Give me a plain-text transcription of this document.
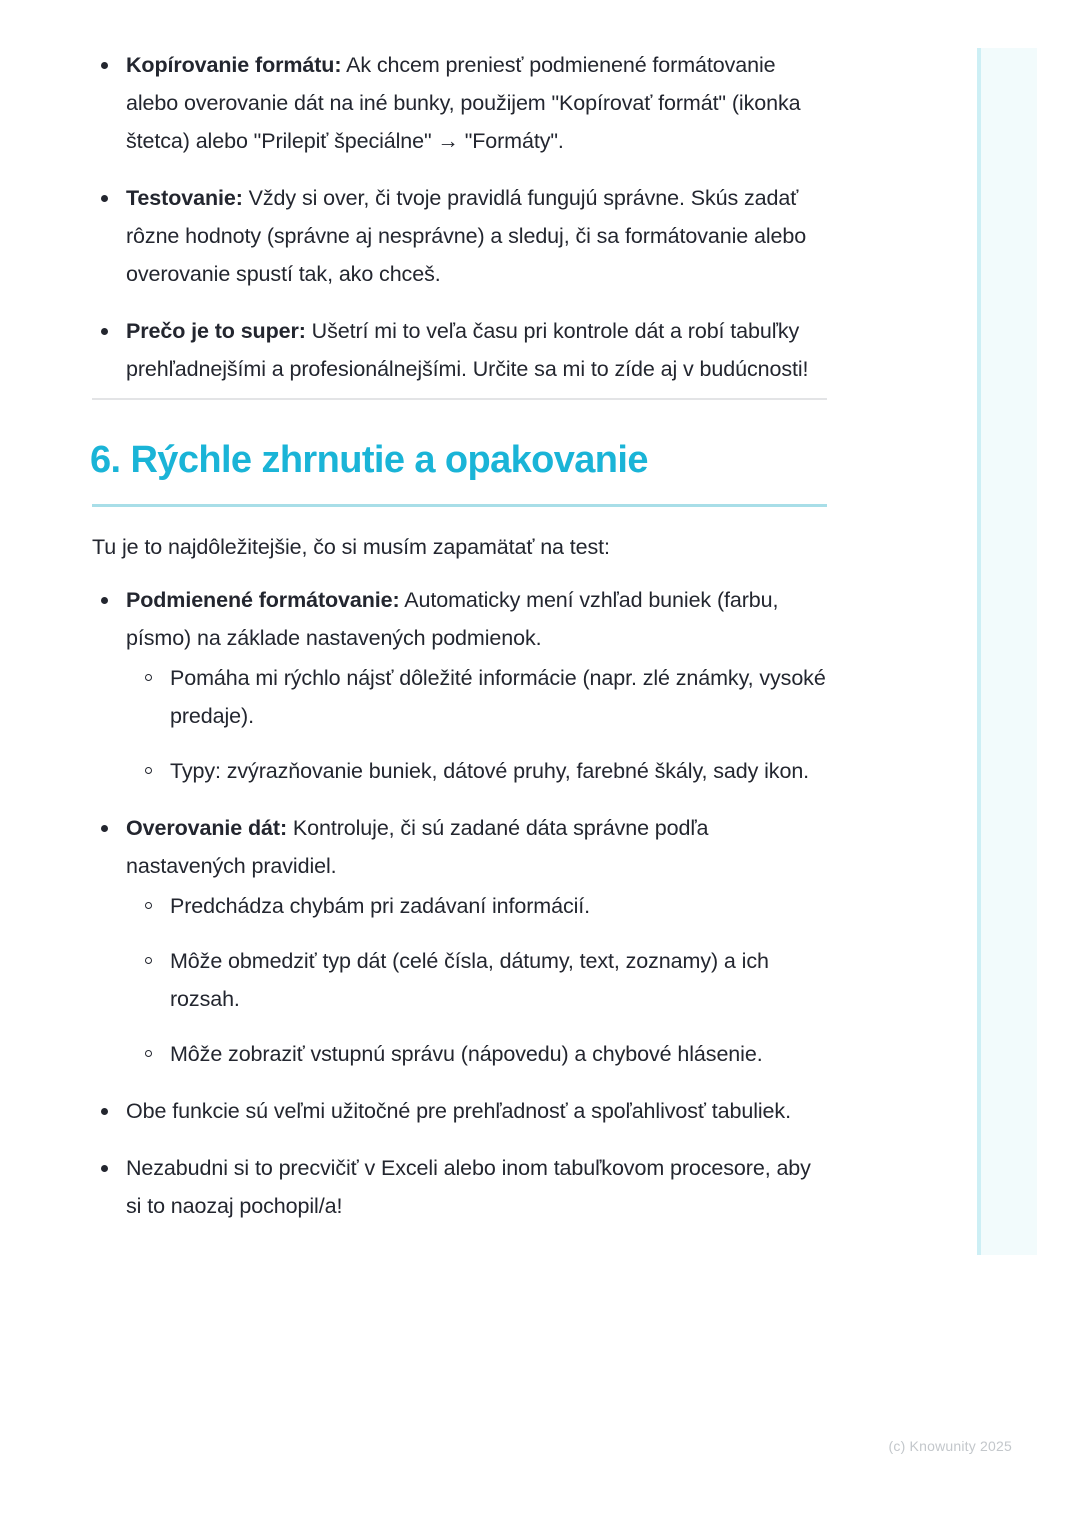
Kopírovanie formátu: Ak chcem preniesť podmienené formátovanie alebo overovanie dát na iné bunky, použijem "Kopírovať formát" (ikonka štetca) alebo "Prilepiť špeciálne" → "Formáty".
Testovanie: Vždy si over, či tvoje pravidlá fungujú správne. Skús zadať rôzne hodnoty (správne aj nesprávne) a sleduj, či sa formátovanie alebo overovanie spustí tak, ako chceš.
Prečo je to super: Ušetrí mi to veľa času pri kontrole dát a robí tabuľky prehľadnejšími a profesionálnejšími. Určite sa mi to zíde aj v budúcnosti!
6. Rýchle zhrnutie a opakovanie
Tu je to najdôležitejšie, čo si musím zapamätať na test:
Podmienené formátovanie: Automaticky mení vzhľad buniek (farbu, písmo) na základe nastavených podmienok.
Pomáha mi rýchlo nájsť dôležité informácie (napr. zlé známky, vysoké predaje).
Typy: zvýrazňovanie buniek, dátové pruhy, farebné škály, sady ikon.
Overovanie dát: Kontroluje, či sú zadané dáta správne podľa nastavených pravidiel.
Predchádza chybám pri zadávaní informácií.
Môže obmedziť typ dát (celé čísla, dátumy, text, zoznamy) a ich rozsah.
Môže zobraziť vstupnú správu (nápovedu) a chybové hlásenie.
Obe funkcie sú veľmi užitočné pre prehľadnosť a spoľahlivosť tabuliek.
Nezabudni si to precvičiť v Exceli alebo inom tabuľkovom procesore, aby si to naozaj pochopil/a!
(c) Knowunity 2025
